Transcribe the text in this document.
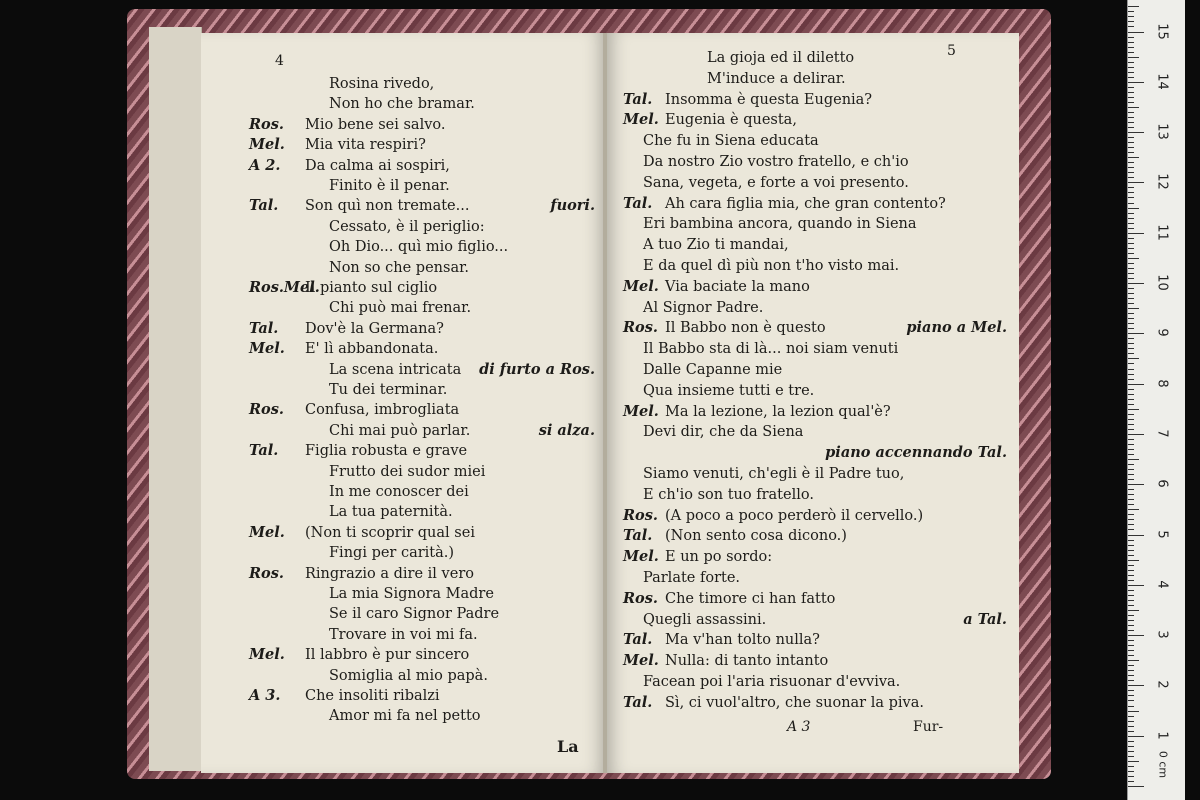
4
Rosina rivedo,
Non ho che bramar.
Ros. Mio bene sei salvo.
Mel. Mia vita respiri?
A 2. Da calma ai sospiri,
Finito è il penar.
Tal. Son quì non tremate...	fuori.
Cessato, è il periglio:
Oh Dio... quì mio figlio...
Non so che pensar.
Ros.Mel.Il pianto sul ciglio
Chi può mai frenar.
Tal. Dov'è la Germana?
Mel. E' lì abbandonata.
La scena intricata di furto a Ros.
Tu dei terminar.
Ros. Confusa, imbrogliata
Chi mai può parlar.	si alza.
Tal. Figlia robusta e grave
Frutto dei sudor miei
In me conoscer dei
La tua paternità.
Mel. (Non ti scoprir qual sei
Fingi per carità.)
Ros. Ringrazio a dire il vero
La mia Signora Madre
Se il caro Signor Padre
Trovare in voi mi fa.
Mel. Il labbro è pur sincero
Somiglia al mio papà.
A 3. Che insoliti ribalzi
Amor mi fa nel petto
La
5
La gioja ed il diletto
M'induce a delirar.
Tal. Insomma è questa Eugenia?
Mel. Eugenia è questa,
Che fu in Siena educata
Da nostro Zio vostro fratello, e ch'io
Sana, vegeta, e forte a voi presento.
Tal. Ah cara figlia mia, che gran contento?
Eri bambina ancora, quando in Siena
A tuo Zio ti mandai,
E da quel dì più non t'ho visto mai.
Mel. Via baciate la mano
Al Signor Padre.
Ros. Il Babbo non è questo	piano a Mel.
Il Babbo sta di là... noi siam venuti
Dalle Capanne mie
Qua insieme tutti e tre.
Mel. Ma la lezione, la lezion qual'è?
Devi dir, che da Siena
piano accennando Tal.
Siamo venuti, ch'egli è il Padre tuo,
E ch'io son tuo fratello.
Ros. (A poco a poco perderò il cervello.)
Tal. (Non sento cosa dicono.)
Mel. E un po sordo:
Parlate forte.
Ros. Che timore ci han fatto
Quegli assassini.	a Tal.
Tal. Ma v'han tolto nulla?
Mel. Nulla: di tanto intanto
Facean poi l'aria risuonar d'evviva.
Tal. Sì, ci vuol'altro, che suonar la piva.
A 3	Fur-
1
2
3
4
5
6
7
8
9
10
11
12
13
14
15
0 cm
